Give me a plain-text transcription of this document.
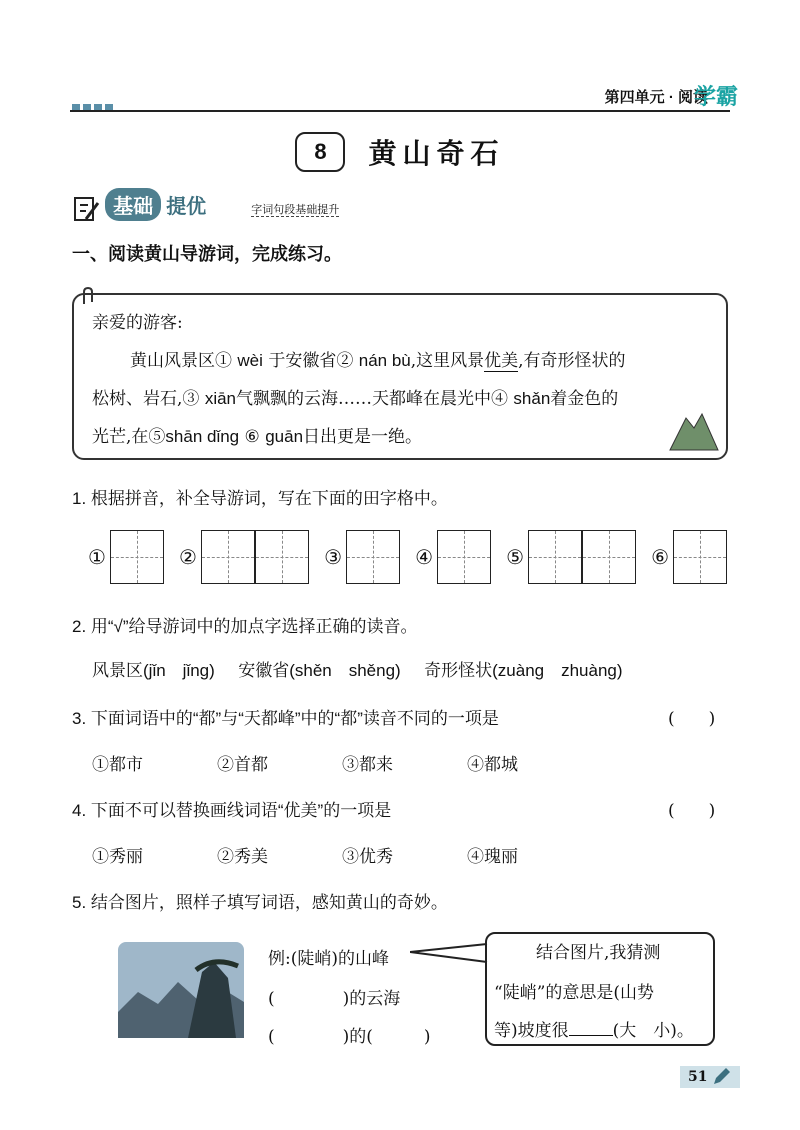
第四单元 · 阅读
学霸
8 黄山奇石
基础 提优	字词句段基础提升
一、阅读黄山导游词，完成练习。
亲爱的游客:
黄山风景区① wèi 于安徽省② nán bù,这里风景优美,有奇形怪状的
松树、岩石,③ xiān气飘飘的云海……天都峰在晨光中④ shǎn着金色的
光芒,在⑤shān dǐng ⑥ guān日出更是一绝。
1. 根据拼音，补全导游词，写在下面的田字格中。
①	②	③	④	⑤	⑥
2. 用“√”给导游词中的加点字选择正确的读音。
风景区(jǐn　jǐng) 安徽省(shěn　shěng) 奇形怪状(zuàng　zhuàng)
3. 下面词语中的“都”与“天都峰”中的“都”读音不同的一项是	(　　)
①都市	②首都	③都来	④都城
4. 下面不可以替换画线词语“优美”的一项是	(　　)
①秀丽	②秀美	③优秀	④瑰丽
5. 结合图片，照样子填写词语，感知黄山的奇妙。
例:(陡峭)的山峰
(　　　　)的云海
(　　　　)的(　　　)
结合图片,我猜测
“陡峭”的意思是(山势
等)坡度很	(大　小)。
51
